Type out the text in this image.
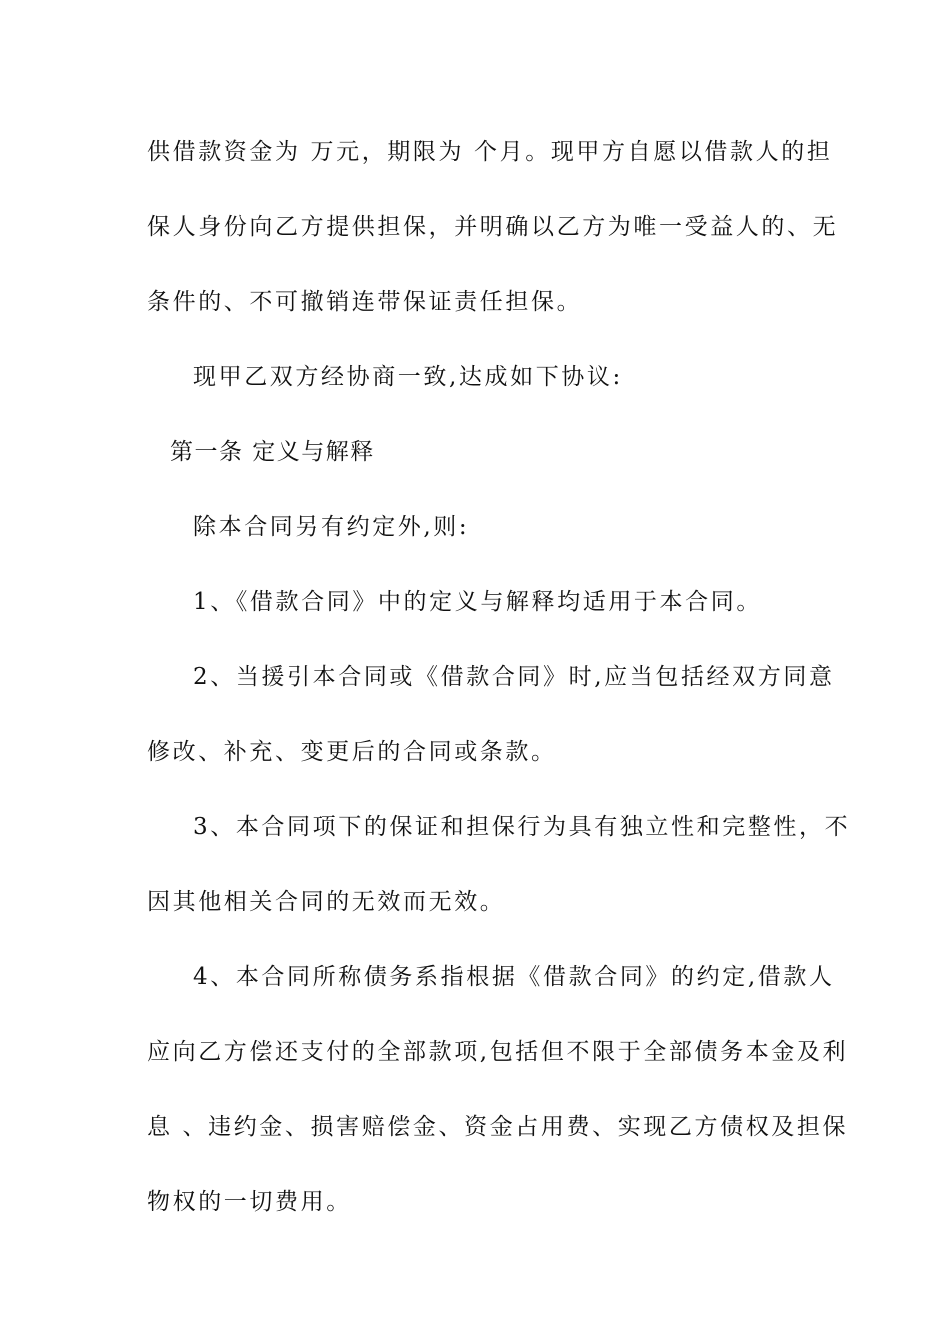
供借款资金为 万元，期限为 个月。现甲方自愿以借款人的担
保人身份向乙方提供担保，并明确以乙方为唯一受益人的、无
条件的、不可撤销连带保证责任担保。
现甲乙双方经协商一致,达成如下协议:
第一条 定义与解释
除本合同另有约定外,则:
1、《借款合同》中的定义与解释均适用于本合同。
2、当援引本合同或《借款合同》时,应当包括经双方同意
修改、补充、变更后的合同或条款。
3、本合同项下的保证和担保行为具有独立性和完整性，不
因其他相关合同的无效而无效。
4、本合同所称债务系指根据《借款合同》的约定,借款人
应向乙方偿还支付的全部款项,包括但不限于全部债务本金及利
息 、违约金、损害赔偿金、资金占用费、实现乙方债权及担保
物权的一切费用。
